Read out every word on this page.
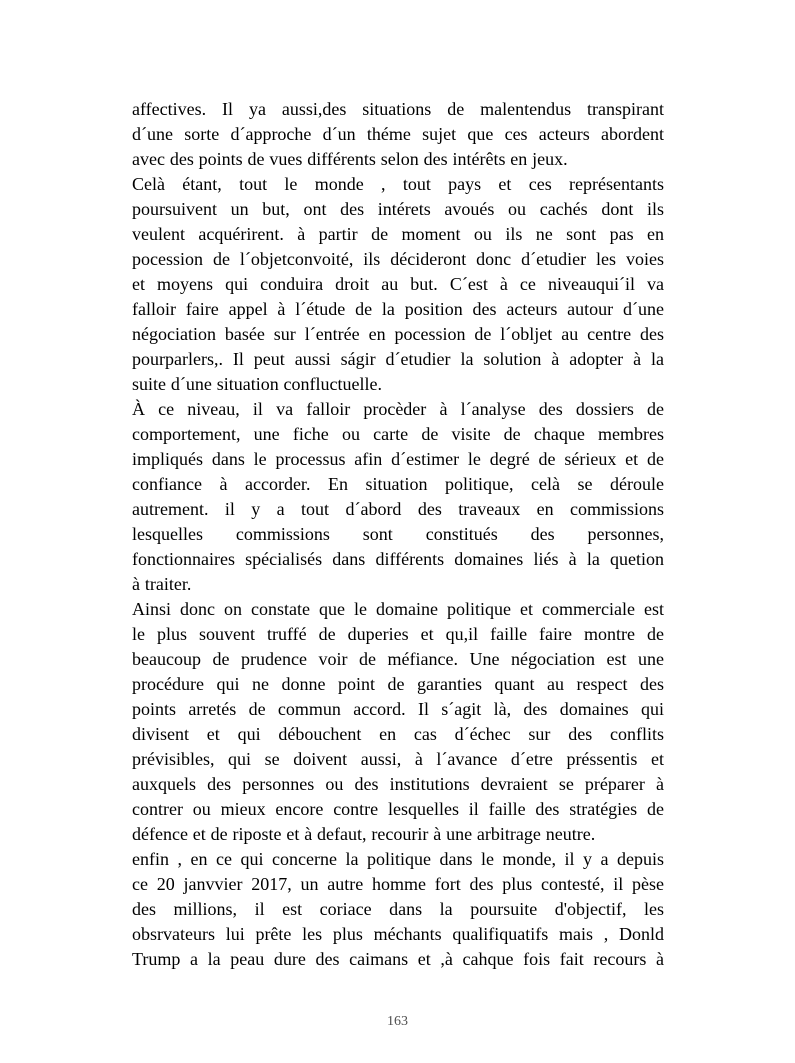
affectives. Il ya aussi,des situations de malentendus transpirant
d´une sorte d´approche d´un théme sujet que ces acteurs abordent
avec des points de vues différents selon des intérêts en jeux.

Celà étant, tout le monde , tout pays et ces représentants
poursuivent un but, ont des intérets avoués ou cachés dont ils
veulent acquérirent. à partir de moment ou ils ne sont pas en
pocession de l´objetconvoité, ils décideront donc d´etudier les voies
et moyens qui conduira droit au but. C´est à ce niveauqui´il va
falloir faire appel à l´étude de la position des acteurs autour d´une
négociation basée sur l´entrée en pocession de l´obljet au centre des
pourparlers,. Il peut aussi ságir d´etudier la solution à adopter à la
suite d´une situation confluctuelle.

À ce niveau, il va falloir procèder à l´analyse des dossiers de
comportement, une fiche ou carte de visite de chaque membres
impliqués dans le processus afin d´estimer le degré de sérieux et de
confiance à accorder. En situation politique, celà se déroule
autrement. il y a tout d´abord des traveaux en commissions
lesquelles commissions sont constitués des personnes,
fonctionnaires spécialisés dans différents domaines liés à la quetion
à traiter.

Ainsi donc on constate que le domaine politique et commerciale est
le plus souvent truffé de duperies et qu,il faille faire montre de
beaucoup de prudence voir de méfiance. Une négociation est une
procédure qui ne donne point de garanties quant au respect des
points arretés de commun accord. Il s´agit là, des domaines qui
divisent et qui débouchent en cas d´échec sur des conflits
prévisibles, qui se doivent aussi, à l´avance d´etre préssentis et
auxquels des personnes ou des institutions devraient se préparer à
contrer ou mieux encore contre lesquelles il faille des stratégies de
défence et de riposte et à defaut, recourir à une arbitrage neutre.

enfin , en ce qui concerne la politique dans le monde, il y a depuis
ce 20 janvvier 2017, un autre homme fort des plus contesté, il pèse
des millions, il est coriace dans la poursuite d'objectif, les
obsrvateurs lui prête les plus méchants qualifiquatifs mais , Donld
Trump a la peau dure des caimans et ,à cahque fois fait recours à

163
